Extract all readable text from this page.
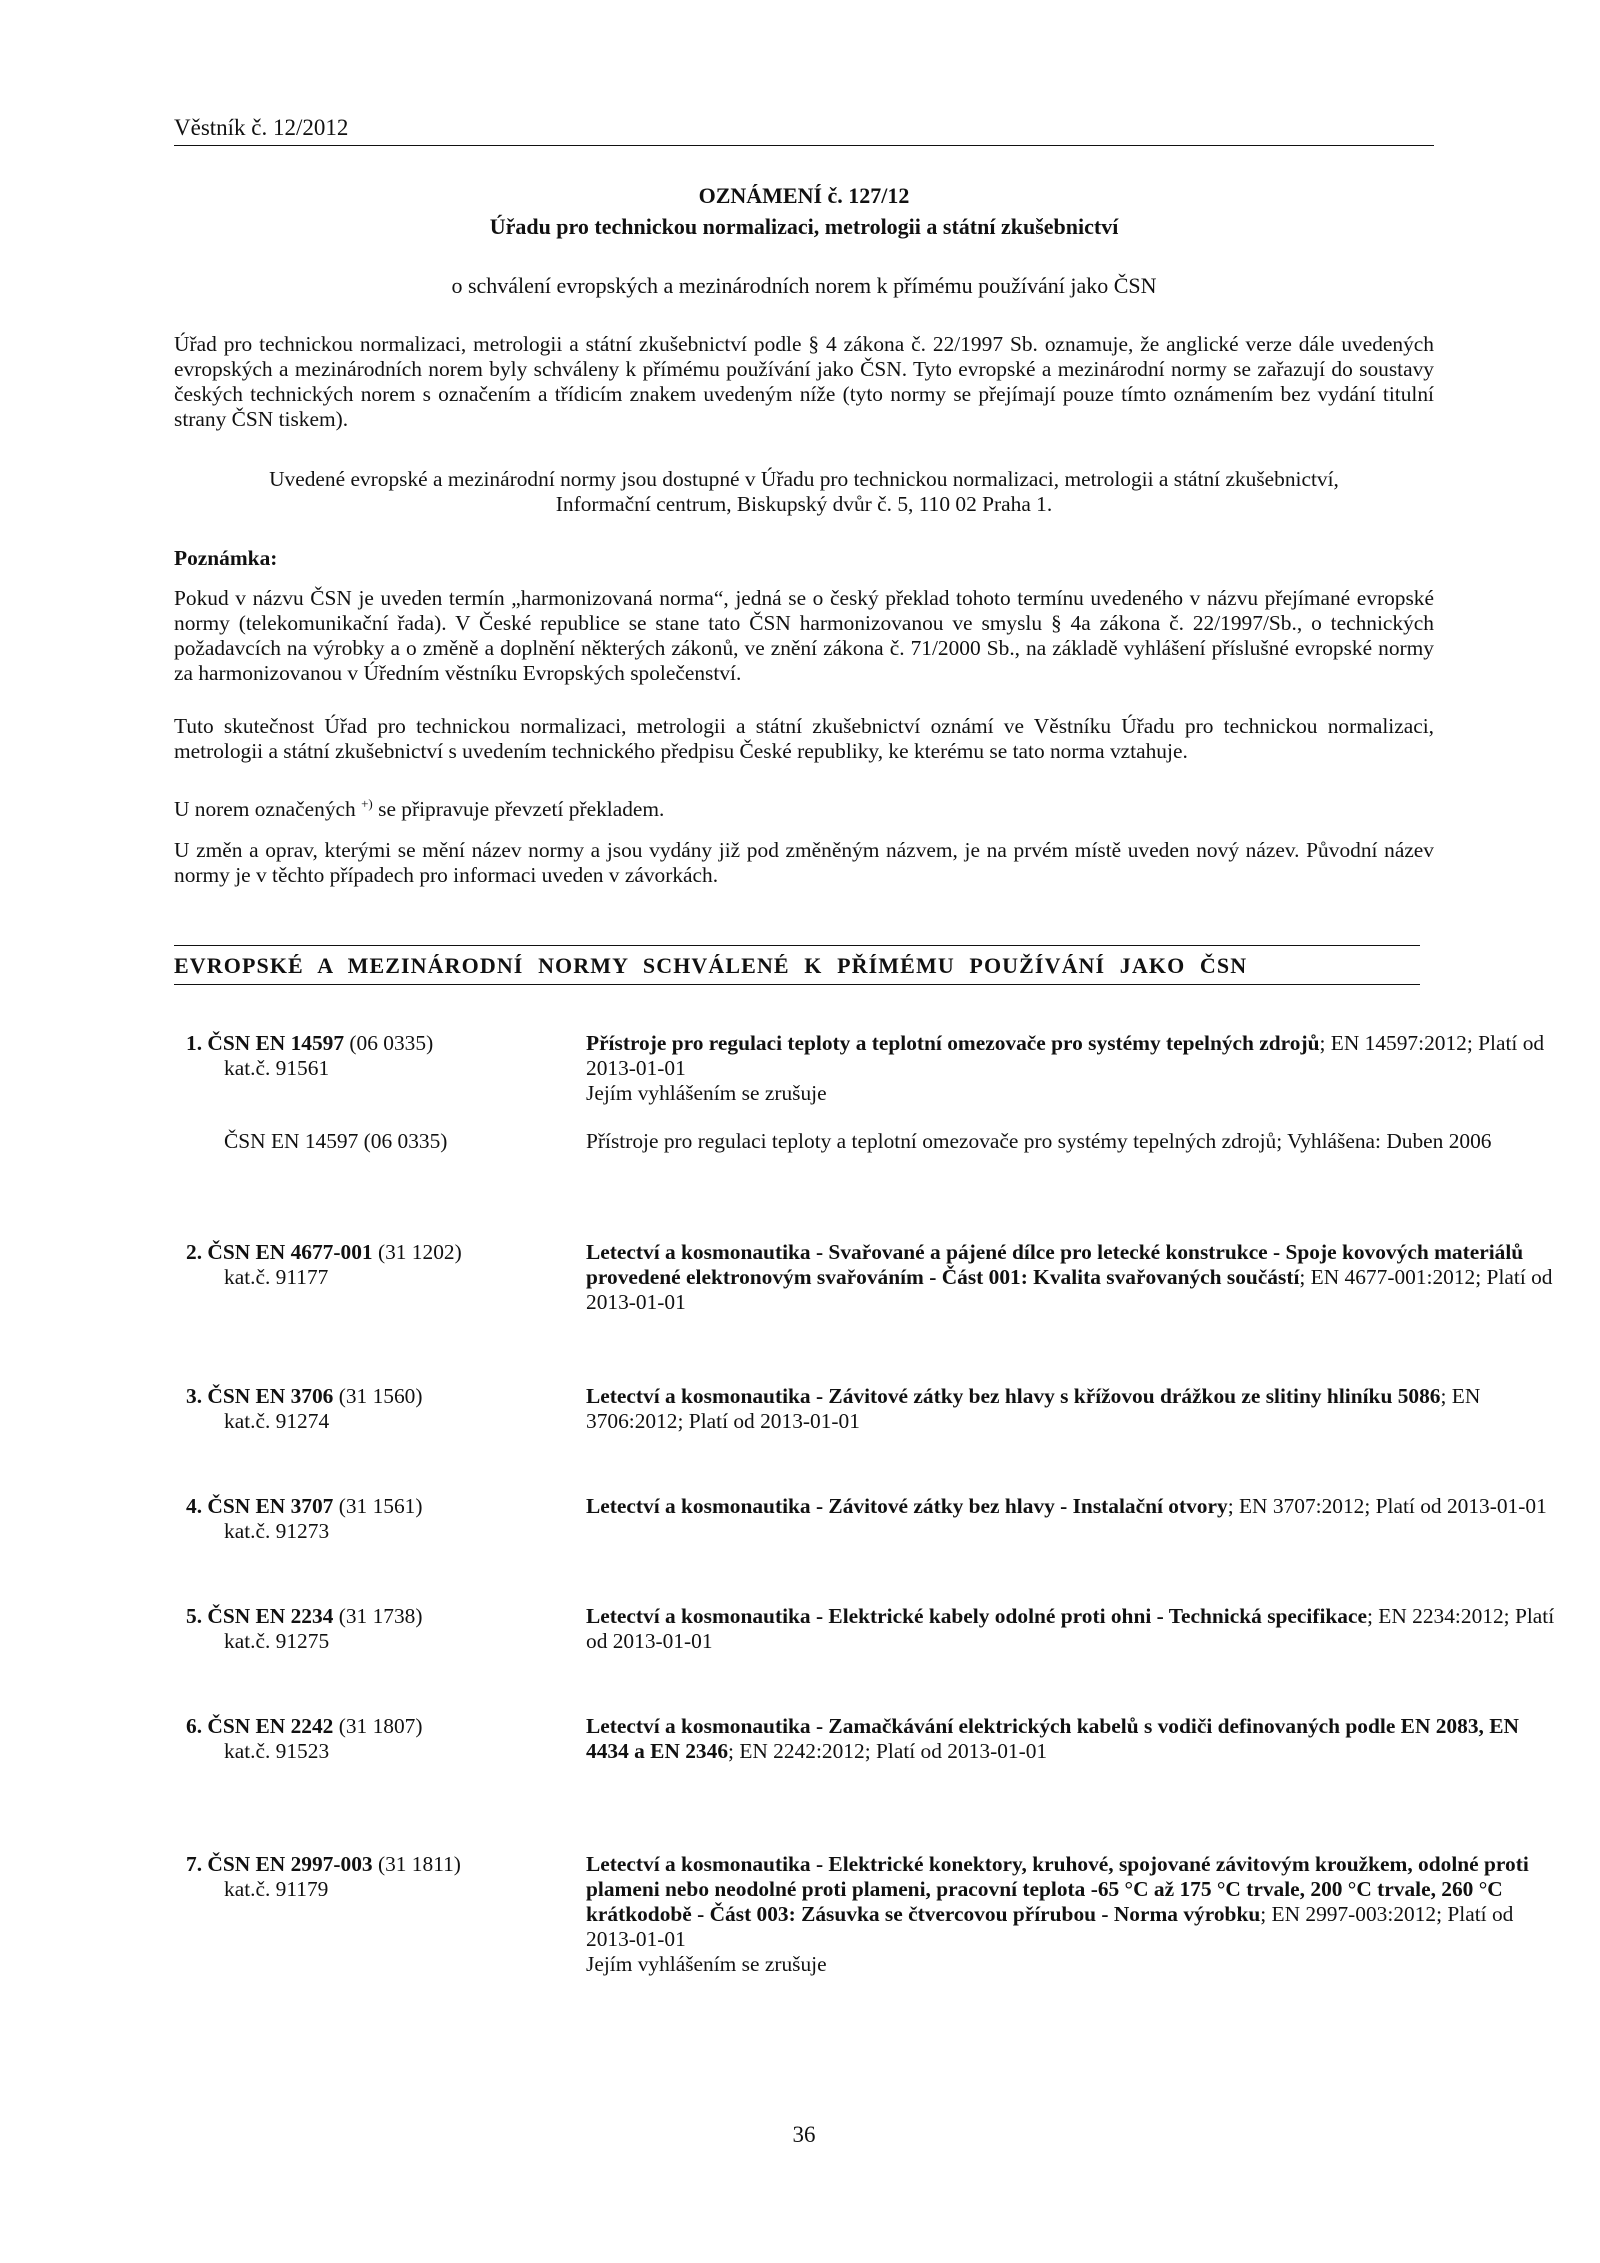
Věstník č. 12/2012
OZNÁMENÍ č. 127/12
Úřadu pro technickou normalizaci, metrologii a státní zkušebnictví
o schválení evropských a mezinárodních norem k přímému používání jako ČSN
Úřad pro technickou normalizaci, metrologii a státní zkušebnictví podle § 4 zákona č. 22/1997 Sb. oznamuje, že anglické verze dále uvedených evropských a mezinárodních norem byly schváleny k přímému používání jako ČSN. Tyto evropské a mezinárodní normy se zařazují do soustavy českých technických norem s označením a třídicím znakem uvedeným níže (tyto normy se přejímají pouze tímto oznámením bez vydání titulní strany ČSN tiskem).
Uvedené evropské a mezinárodní normy jsou dostupné v Úřadu pro technickou normalizaci, metrologii a státní zkušebnictví,
Informační centrum, Biskupský dvůr č. 5, 110 02 Praha 1.
Poznámka:
Pokud v názvu ČSN je uveden termín „harmonizovaná norma“, jedná se o český překlad tohoto termínu uvedeného v názvu přejímané evropské normy (telekomunikační řada). V České republice se stane tato ČSN harmonizovanou ve smyslu § 4a zákona č. 22/1997/Sb., o technických požadavcích na výrobky a o změně a doplnění některých zákonů, ve znění zákona č. 71/2000 Sb., na základě vyhlášení příslušné evropské normy za harmonizovanou v Úředním věstníku Evropských společenství.
Tuto skutečnost Úřad pro technickou normalizaci, metrologii a státní zkušebnictví oznámí ve Věstníku Úřadu pro technickou normalizaci, metrologii a státní zkušebnictví s uvedením technického předpisu České republiky, ke kterému se tato norma vztahuje.
U norem označených +) se připravuje převzetí překladem.
U změn a oprav, kterými se mění název normy a jsou vydány již pod změněným názvem, je na prvém místě uveden nový název. Původní název normy je v těchto případech pro informaci uveden v závorkách.
EVROPSKÉ A MEZINÁRODNÍ NORMY SCHVÁLENÉ K PŘÍMÉMU POUŽÍVÁNÍ JAKO ČSN
1. ČSN EN 14597 (06 0335)
kat.č. 91561
Přístroje pro regulaci teploty a teplotní omezovače pro systémy tepelných zdrojů; EN 14597:2012; Platí od 2013-01-01
Jejím vyhlášením se zrušuje
ČSN EN 14597 (06 0335)	Přístroje pro regulaci teploty a teplotní omezovače pro systémy tepelných zdrojů; Vyhlášena: Duben 2006
2. ČSN EN 4677-001 (31 1202)
kat.č. 91177
Letectví a kosmonautika - Svařované a pájené dílce pro letecké konstrukce - Spoje kovových materiálů provedené elektronovým svařováním - Část 001: Kvalita svařovaných součástí; EN 4677-001:2012; Platí od 2013-01-01
3. ČSN EN 3706 (31 1560)
kat.č. 91274
Letectví a kosmonautika - Závitové zátky bez hlavy s křížovou drážkou ze slitiny hliníku 5086; EN 3706:2012; Platí od 2013-01-01
4. ČSN EN 3707 (31 1561)
kat.č. 91273
Letectví a kosmonautika - Závitové zátky bez hlavy - Instalační otvory; EN 3707:2012; Platí od 2013-01-01
5. ČSN EN 2234 (31 1738)
kat.č. 91275
Letectví a kosmonautika - Elektrické kabely odolné proti ohni - Technická specifikace; EN 2234:2012; Platí od 2013-01-01
6. ČSN EN 2242 (31 1807)
kat.č. 91523
Letectví a kosmonautika - Zamačkávání elektrických kabelů s vodiči definovaných podle EN 2083, EN 4434 a EN 2346; EN 2242:2012; Platí od 2013-01-01
7. ČSN EN 2997-003 (31 1811)
kat.č. 91179
Letectví a kosmonautika - Elektrické konektory, kruhové, spojované závitovým kroužkem, odolné proti plameni nebo neodolné proti plameni, pracovní teplota -65 °C až 175 °C trvale, 200 °C trvale, 260 °C krátkodobě - Část 003: Zásuvka se čtvercovou přírubou - Norma výrobku; EN 2997-003:2012; Platí od 2013-01-01
Jejím vyhlášením se zrušuje
36
